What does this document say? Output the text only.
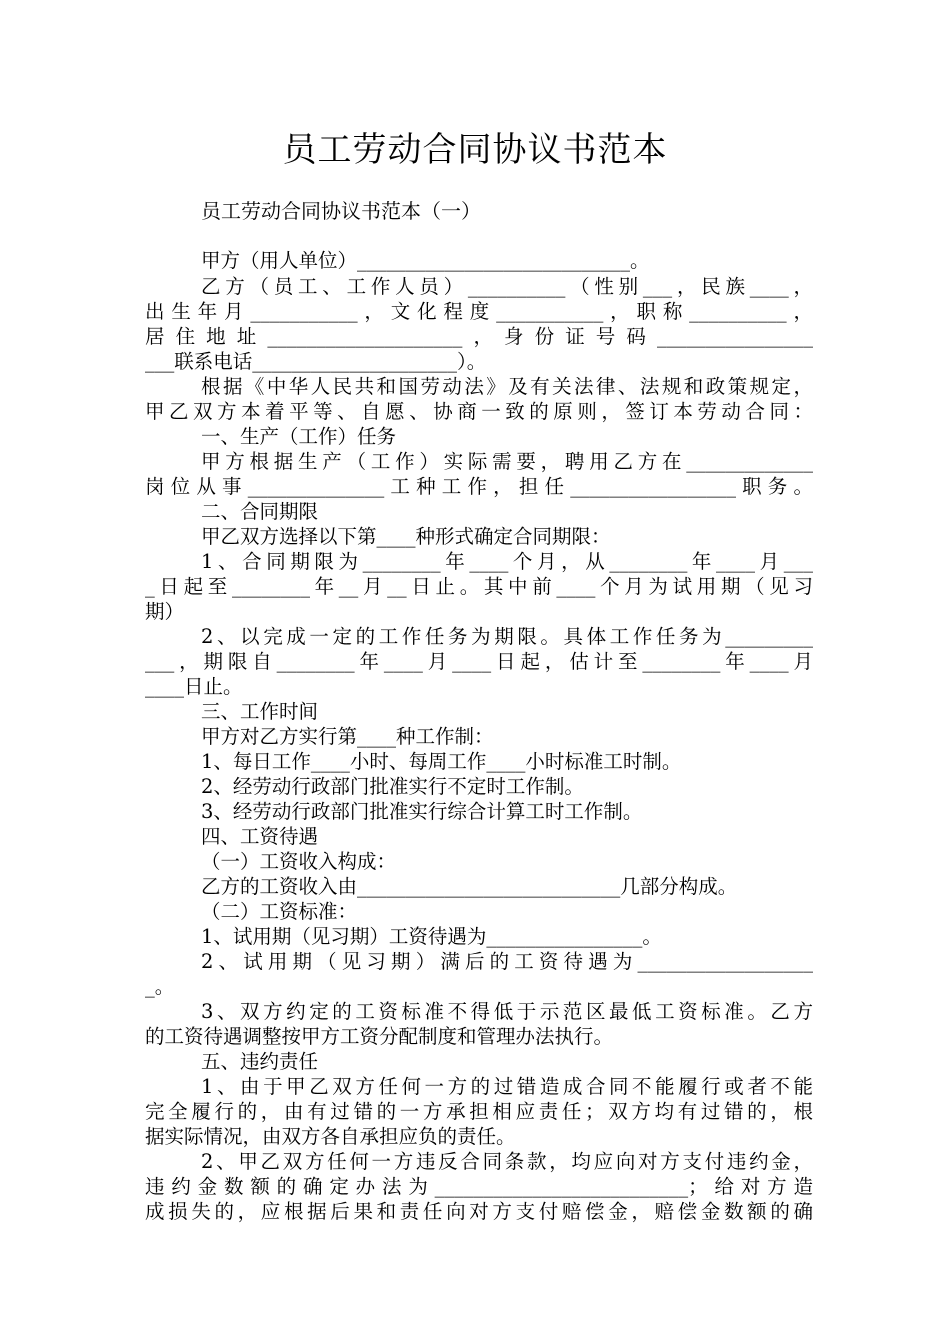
员工劳动合同协议书范本
员工劳动合同协议书范本（一）
甲方（用人单位）____________________________。
乙方（员工、工作人员）__________（性别___，民族____，
出生年月___________，文化程度___________，职称__________，
居住地址____________________，身份证号码________________
___联系电话_____________________）。
根据《中华人民共和国劳动法》及有关法律、法规和政策规定，
甲乙双方本着平等、自愿、协商一致的原则，签订本劳动合同：
一、生产（工作）任务
甲方根据生产（工作）实际需要，聘用乙方在_____________
岗位从事______________工种工作，担任_________________职务。
二、合同期限
甲乙双方选择以下第____种形式确定合同期限：
1、合同期限为________年____个月，从________年____月___
_日起至________年__月__日止。其中前____个月为试用期（见习
期）
2、以完成一定的工作任务为期限。具体工作任务为_________
___，期限自________年____月____日起，估计至________年____月
____日止。
三、工作时间
甲方对乙方实行第____种工作制：
1、每日工作____小时、每周工作____小时标准工时制。
2、经劳动行政部门批准实行不定时工作制。
3、经劳动行政部门批准实行综合计算工时工作制。
四、工资待遇
（一）工资收入构成：
乙方的工资收入由___________________________几部分构成。
（二）工资标准：
1、试用期（见习期）工资待遇为________________。
2、试用期（见习期）满后的工资待遇为__________________
_。
3、双方约定的工资标准不得低于示范区最低工资标准。乙方
的工资待遇调整按甲方工资分配制度和管理办法执行。
五、违约责任
1、由于甲乙双方任何一方的过错造成合同不能履行或者不能
完全履行的，由有过错的一方承担相应责任；双方均有过错的，根
据实际情况，由双方各自承担应负的责任。
2、甲乙双方任何一方违反合同条款，均应向对方支付违约金，
违约金数额的确定办法为__________________________；给对方造
成损失的，应根据后果和责任向对方支付赔偿金，赔偿金数额的确
